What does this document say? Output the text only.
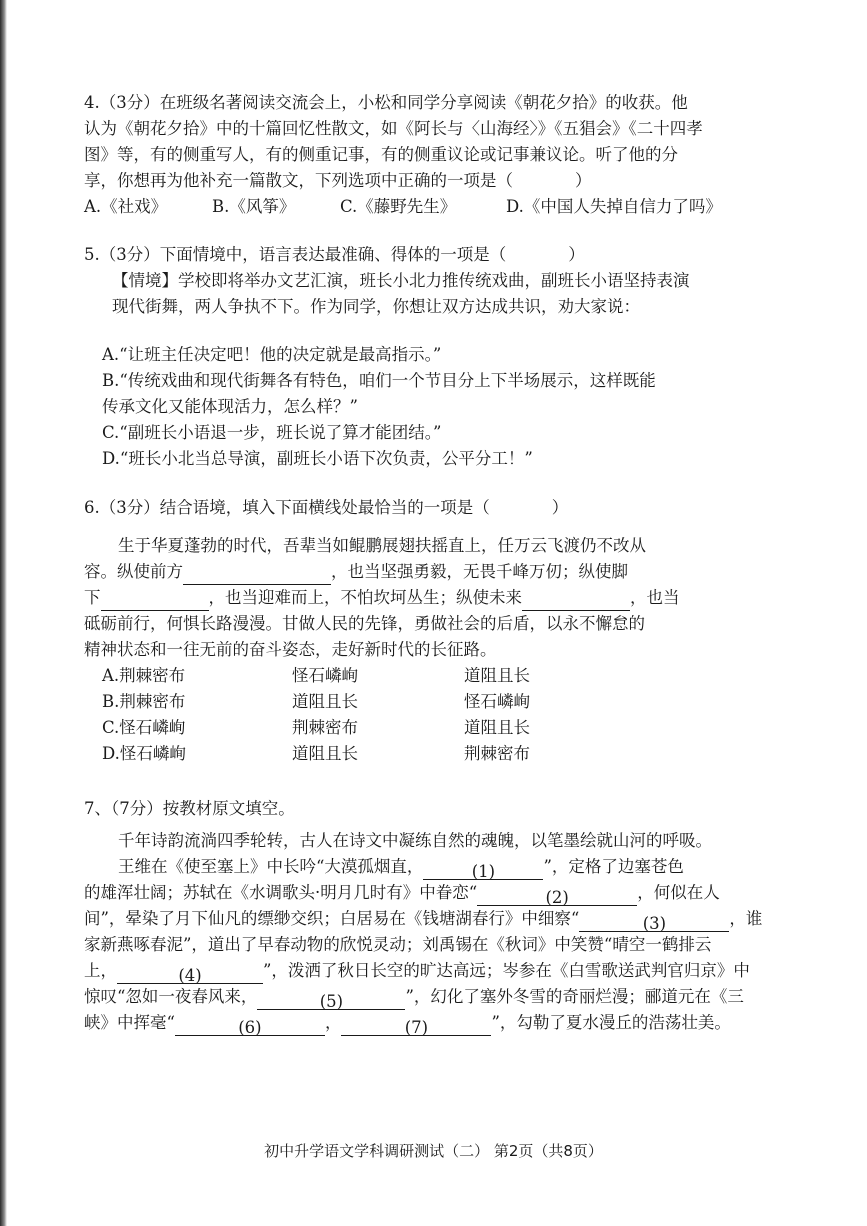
4.（3分）在班级名著阅读交流会上，小松和同学分享阅读《朝花夕拾》的收获。他
认为《朝花夕拾》中的十篇回忆性散文，如《阿长与〈山海经〉》《五猖会》《二十四孝
图》等，有的侧重写人，有的侧重记事，有的侧重议论或记事兼议论。听了他的分
享，你想再为他补充一篇散文，下列选项中正确的一项是（	）
A.《社戏》	B.《风筝》	C.《藤野先生》	D.《中国人失掉自信力了吗》
5.（3分）下面情境中，语言表达最准确、得体的一项是（	）
【情境】学校即将举办文艺汇演，班长小北力推传统戏曲，副班长小语坚持表演
现代街舞，两人争执不下。作为同学，你想让双方达成共识，劝大家说：
A.“让班主任决定吧！他的决定就是最高指示。”
B.“传统戏曲和现代街舞各有特色，咱们一个节目分上下半场展示，这样既能
传承文化又能体现活力，怎么样？”
C.“副班长小语退一步，班长说了算才能团结。”
D.“班长小北当总导演，副班长小语下次负责，公平分工！”
6.（3分）结合语境，填入下面横线处最恰当的一项是（	）
生于华夏蓬勃的时代，吾辈当如鲲鹏展翅扶摇直上，任万云飞渡仍不改从
容。纵使前方	，也当坚强勇毅，无畏千峰万仞；纵使脚
下	，也当迎难而上，不怕坎坷丛生；纵使未来	，也当
砥砺前行，何惧长路漫漫。甘做人民的先锋，勇做社会的后盾，以永不懈怠的
精神状态和一往无前的奋斗姿态，走好新时代的长征路。
A.荆棘密布	怪石嶙峋	道阻且长
B.荆棘密布	道阻且长	怪石嶙峋
C.怪石嶙峋	荆棘密布	道阻且长
D.怪石嶙峋	道阻且长	荆棘密布
7、（7分）按教材原文填空。
千年诗韵流淌四季轮转，古人在诗文中凝练自然的魂魄，以笔墨绘就山河的呼吸。
王维在《使至塞上》中长吟“大漠孤烟直，	(1)	”，定格了边塞苍色
的雄浑壮阔；苏轼在《水调歌头·明月几时有》中眷恋“	(2)	，何似在人
间”，晕染了月下仙凡的缥缈交织；白居易在《钱塘湖春行》中细察“	(3)	，谁
家新燕啄春泥”，道出了早春动物的欣悦灵动；刘禹锡在《秋词》中笑赞“晴空一鹤排云
上，	(4)	”，泼洒了秋日长空的旷达高远；岑参在《白雪歌送武判官归京》中
惊叹“忽如一夜春风来，	(5)	”，幻化了塞外冬雪的奇丽烂漫；郦道元在《三
峡》中挥毫“	(6)	，	(7)	”，勾勒了夏水漫丘的浩荡壮美。
初中升学语文学科调研测试（二） 第2页（共8页）
